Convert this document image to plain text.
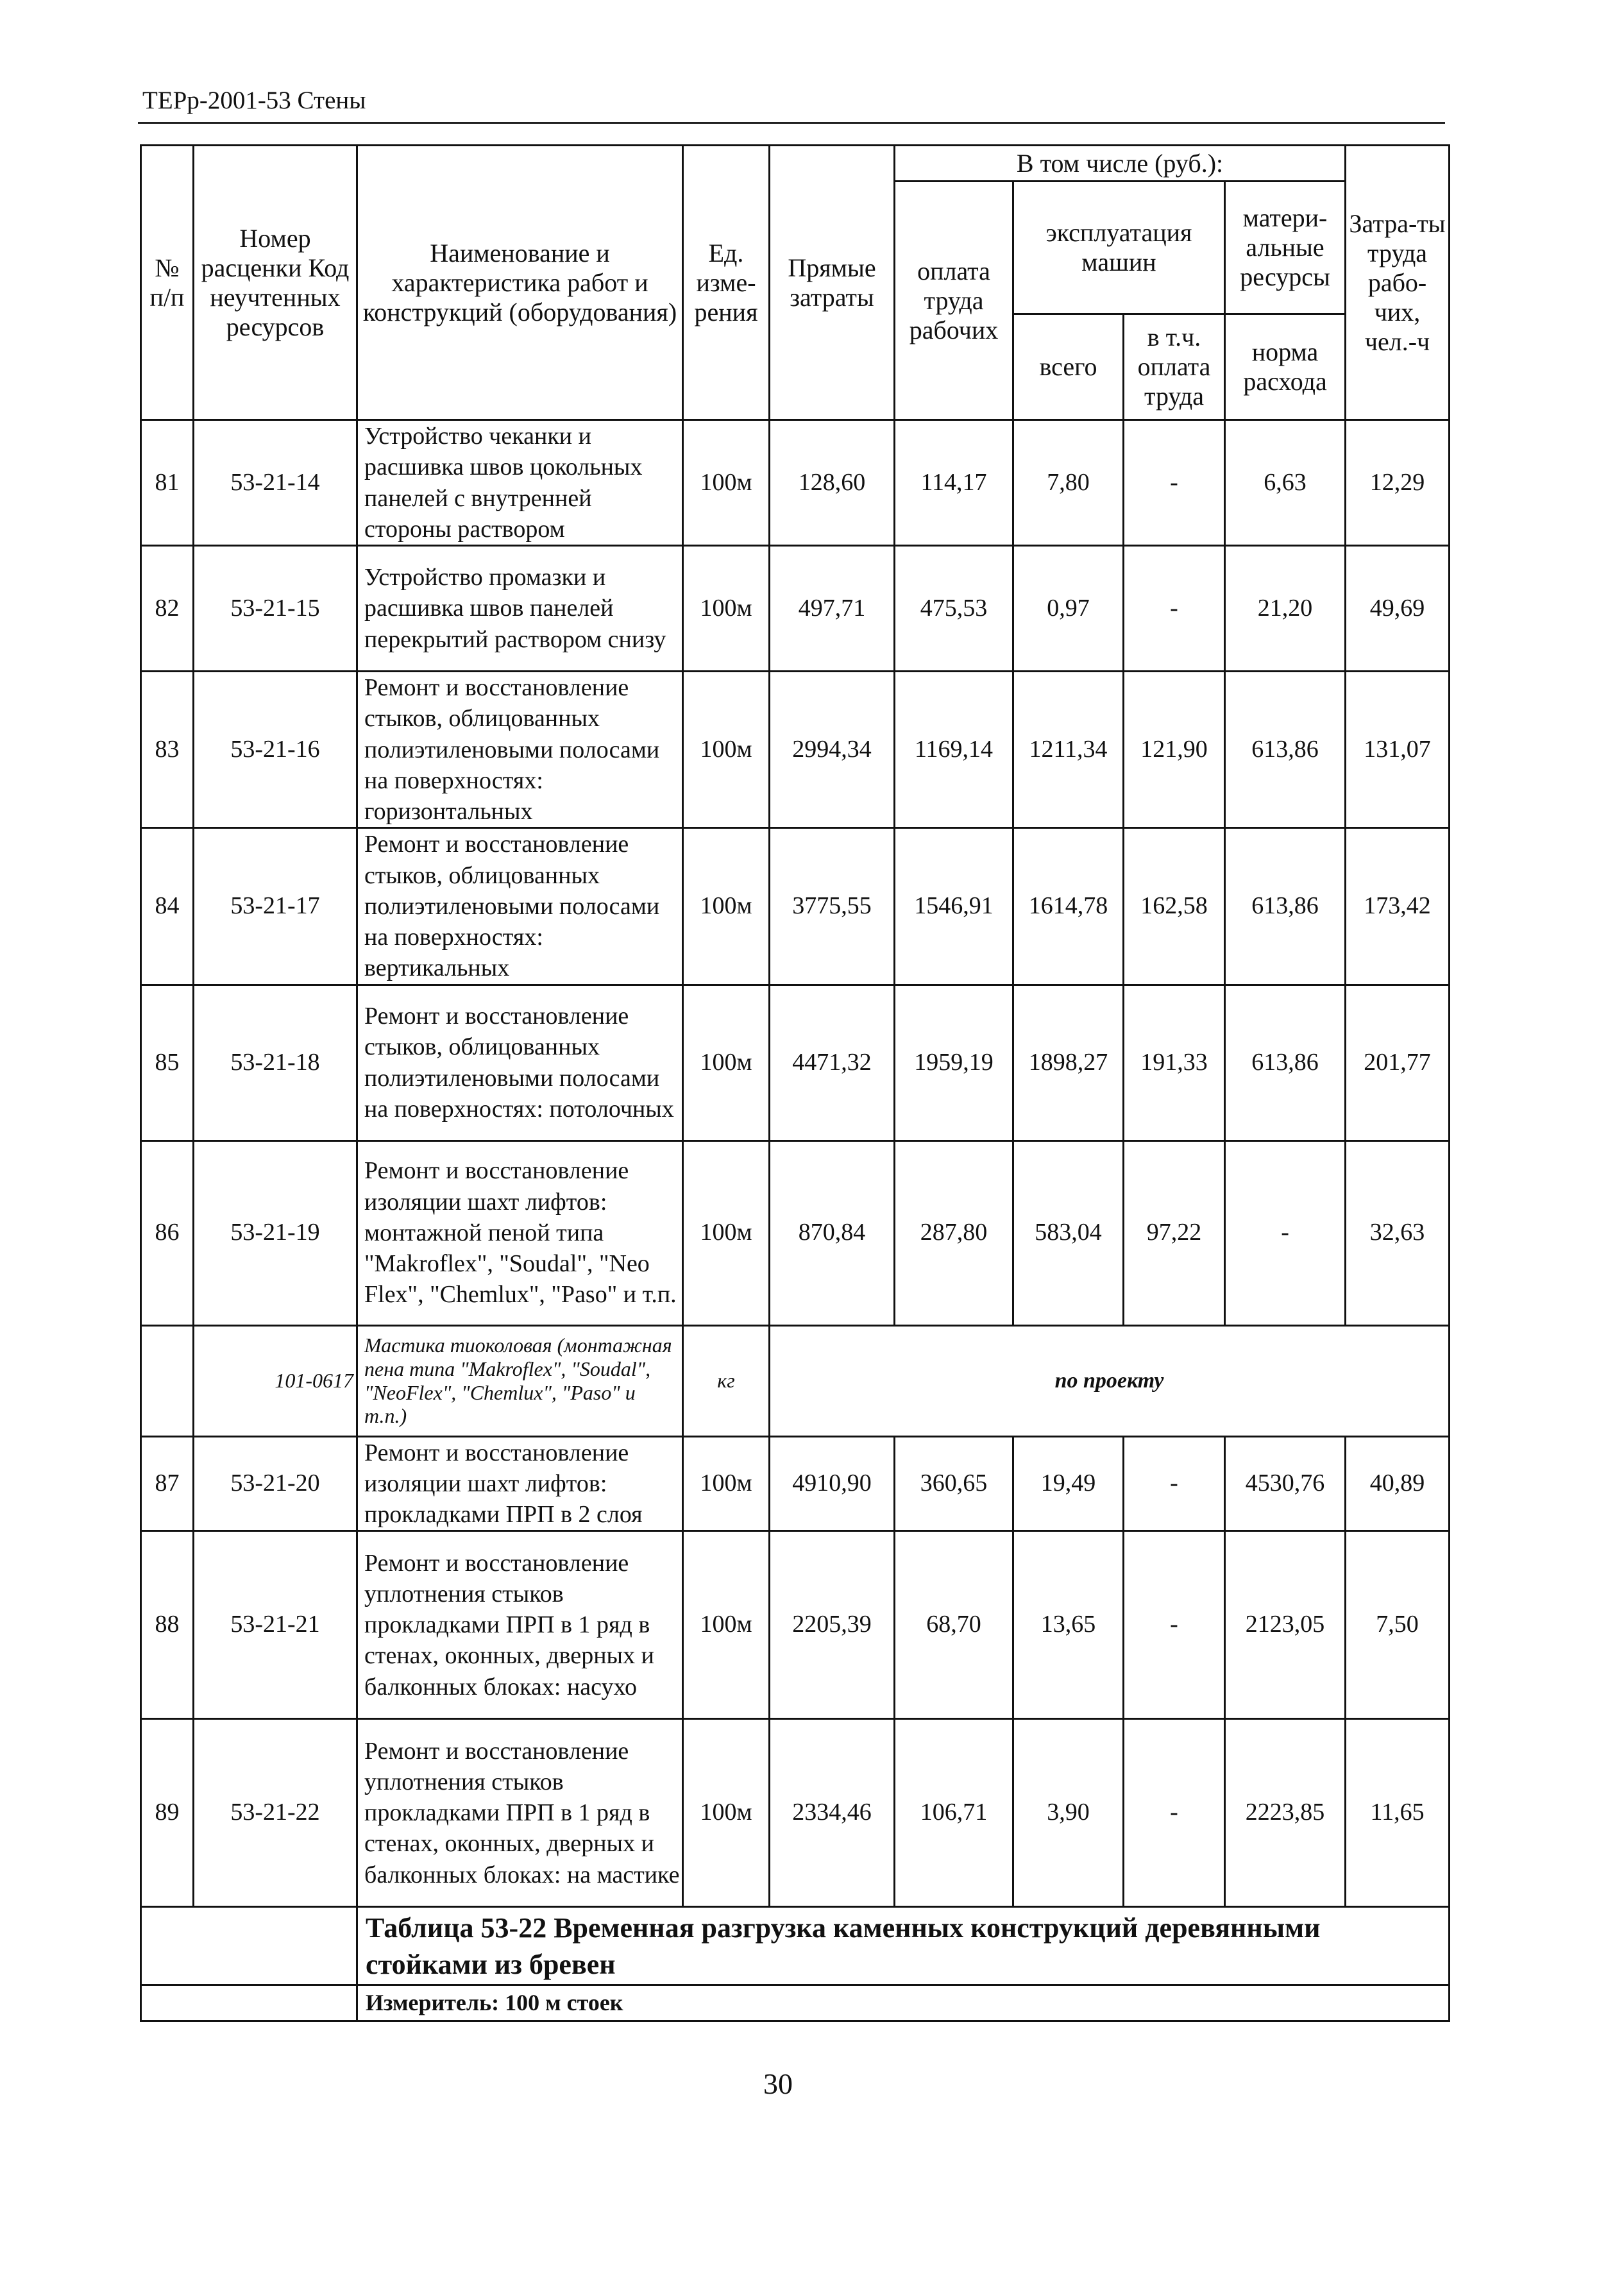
ТЕРр-2001-53 Стены
№ п/п	Номер расценки Код неучтенных ресурсов	Наименование и характеристика работ и конструкций (оборудования)	Ед. изме-рения	Прямые затраты	В том числе (руб.):				Затра-ты труда рабо-чих, чел.-ч
					оплата труда рабочих	эксплуатация машин		матери-альные ресурсы	
						всего	в т.ч. оплата труда	норма расхода	
81	53-21-14	Устройство чеканки и расшивка швов цокольных панелей с внутренней стороны раствором	100м	128,60	114,17	7,80	-	6,63	12,29
82	53-21-15	Устройство промазки и расшивка швов панелей перекрытий раствором снизу	100м	497,71	475,53	0,97	-	21,20	49,69
83	53-21-16	Ремонт и восстановление стыков, облицованных полиэтиленовыми полосами на поверхностях: горизонтальных	100м	2994,34	1169,14	1211,34	121,90	613,86	131,07
84	53-21-17	Ремонт и восстановление стыков, облицованных полиэтиленовыми полосами на поверхностях: вертикальных	100м	3775,55	1546,91	1614,78	162,58	613,86	173,42
85	53-21-18	Ремонт и восстановление стыков, облицованных полиэтиленовыми полосами на поверхностях: потолочных	100м	4471,32	1959,19	1898,27	191,33	613,86	201,77
86	53-21-19	Ремонт и восстановление изоляции шахт лифтов: монтажной пеной типа "Makroflex", "Soudal", "Neo Flex", "Chemlux", "Paso" и т.п.	100м	870,84	287,80	583,04	97,22	-	32,63
	101-0617	Мастика тиоколовая (монтажная пена типа "Makroflex", "Soudal", "NeoFlex", "Chemlux", "Paso" и т.п.)	кг	по проекту					
87	53-21-20	Ремонт и восстановление изоляции шахт лифтов: прокладками ПРП в 2 слоя	100м	4910,90	360,65	19,49	-	4530,76	40,89
88	53-21-21	Ремонт и восстановление уплотнения стыков прокладками ПРП в 1 ряд в стенах, оконных, дверных и балконных блоках: насухо	100м	2205,39	68,70	13,65	-	2123,05	7,50
89	53-21-22	Ремонт и восстановление уплотнения стыков прокладками ПРП в 1 ряд в стенах, оконных, дверных и балконных блоках: на мастике	100м	2334,46	106,71	3,90	-	2223,85	11,65
		Таблица 53-22 Временная разгрузка каменных конструкций деревянными стойками из бревен							
		Измеритель: 100 м стоек							
30
